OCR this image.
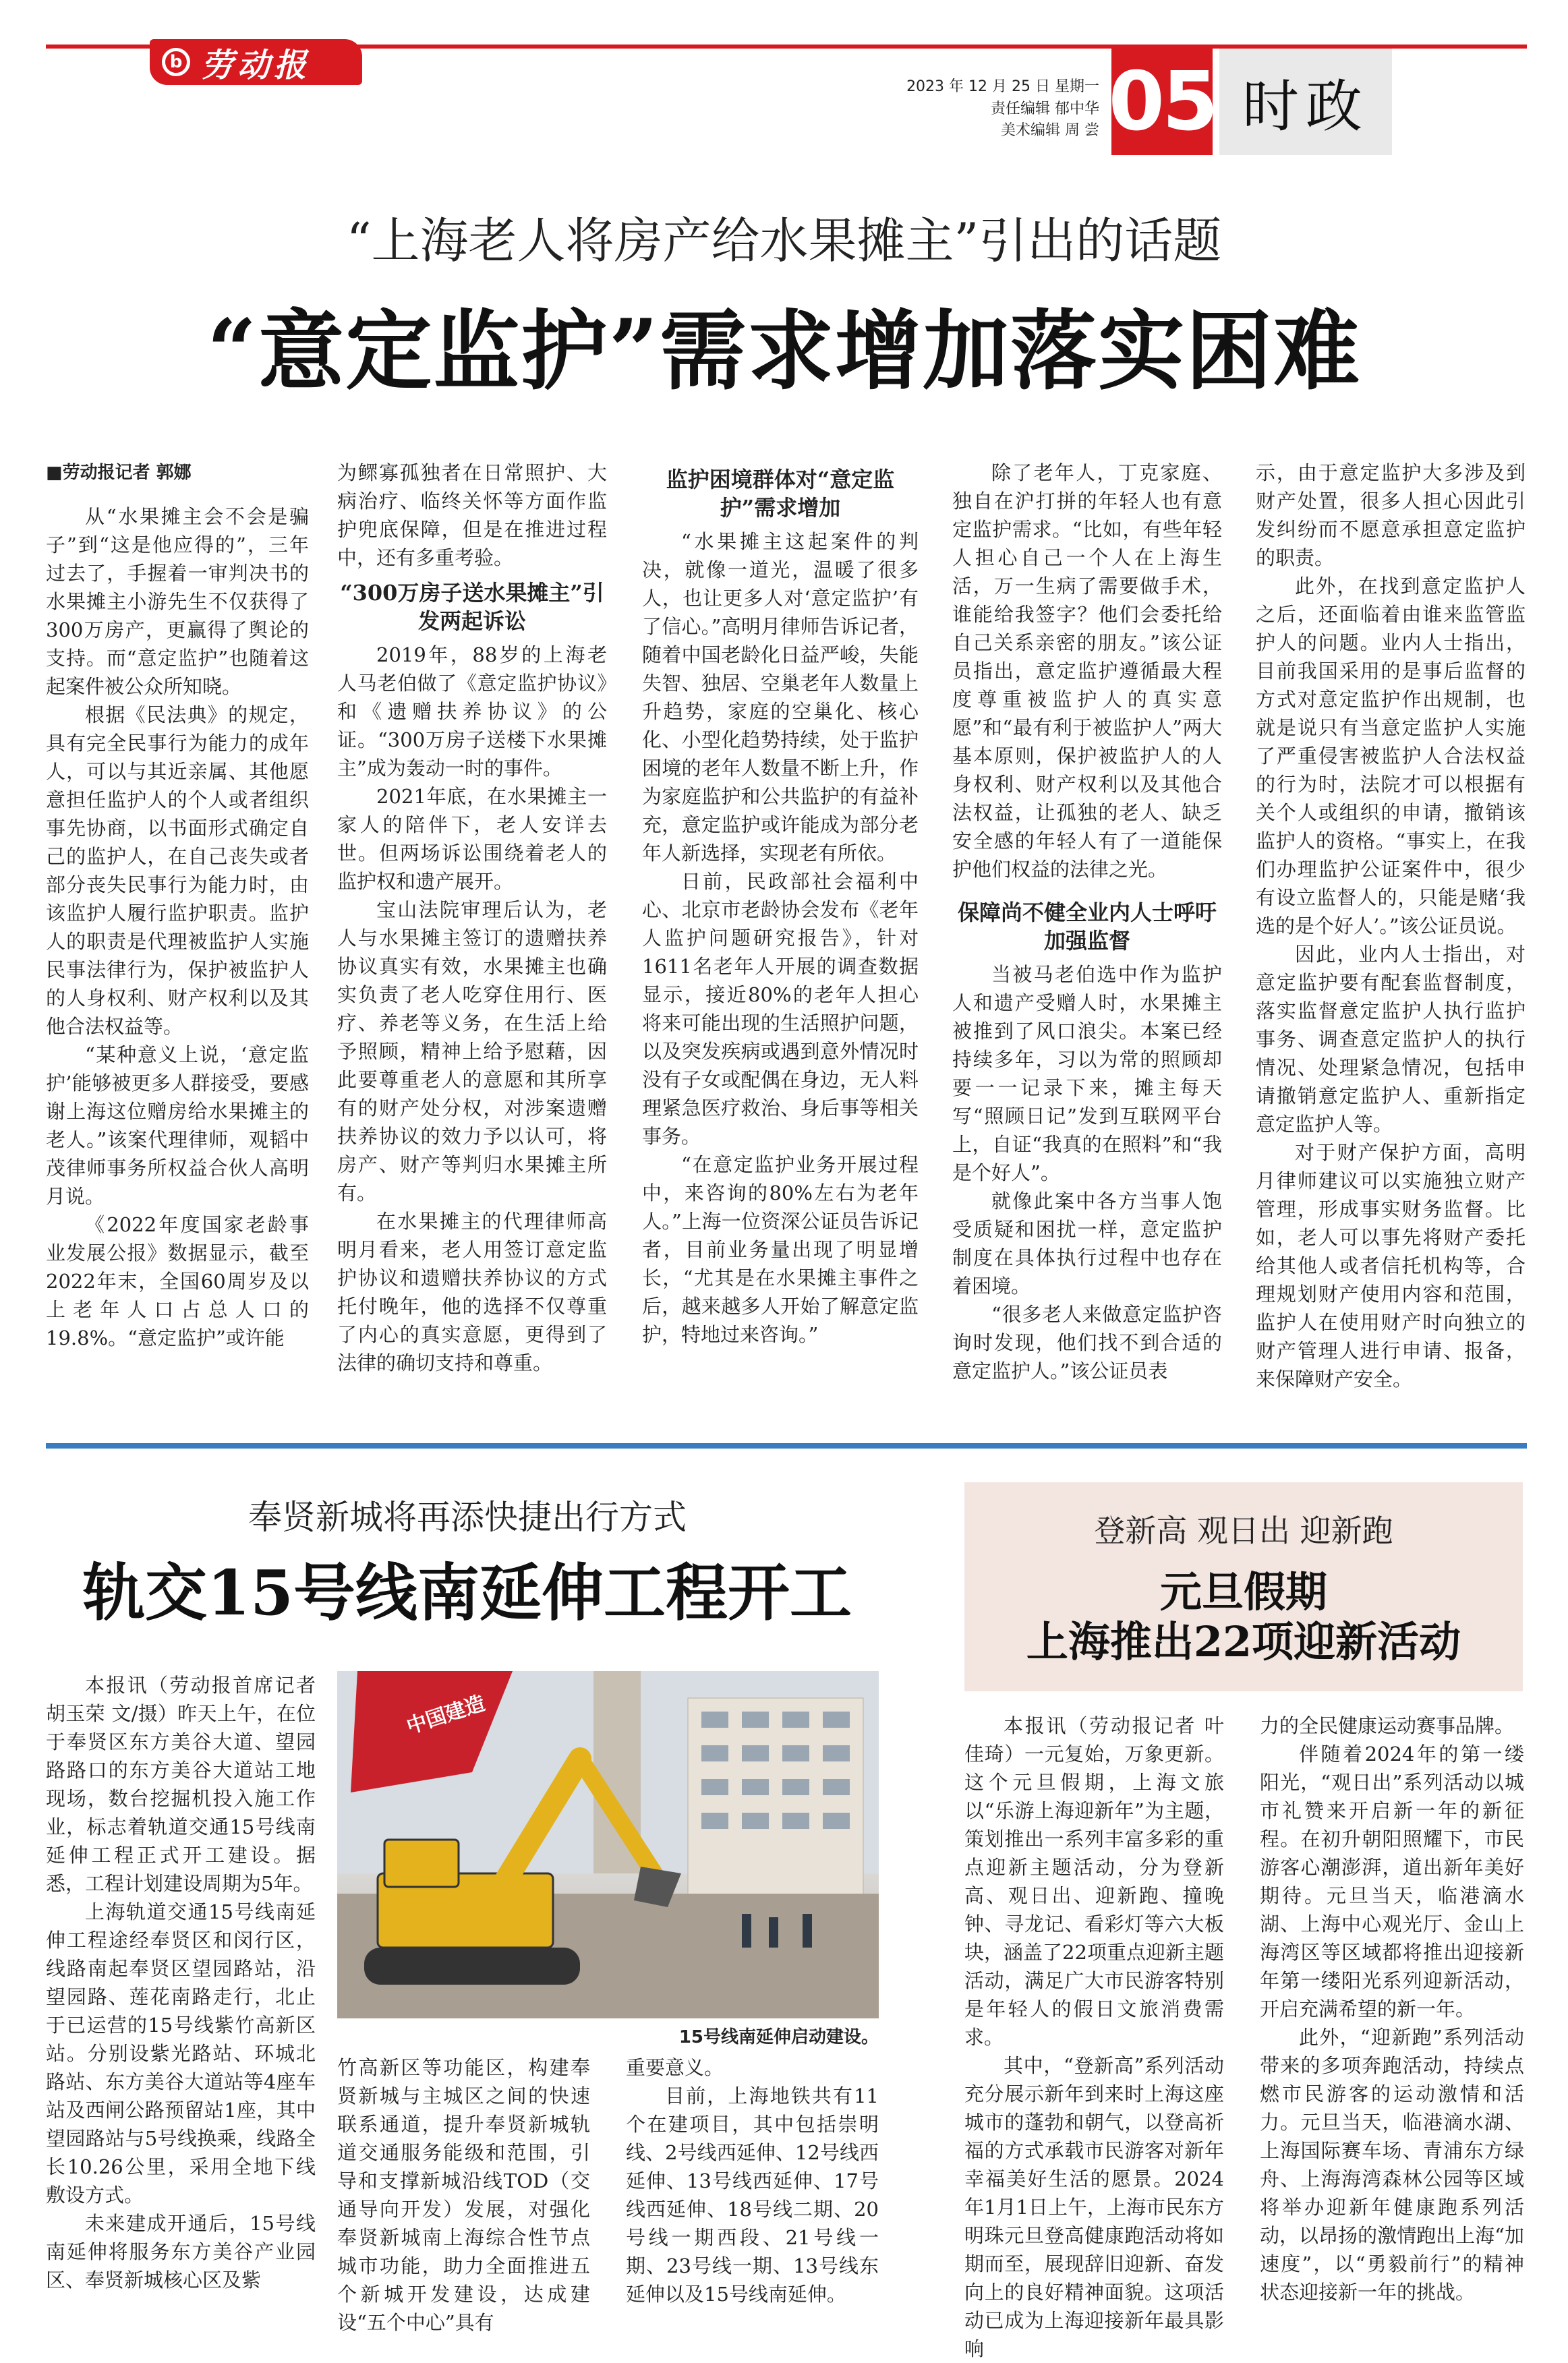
b 劳动报
2023 年 12 月 25 日 星期一
责任编辑 郁中华
美术编辑 周 尝 05 时政
“上海老人将房产给水果摊主”引出的话题
“意定监护”需求增加落实困难

■劳动报记者 郭娜

从“水果摊主会不会是骗子”到“这是他应得的”，三年过去了，手握着一审判决书的水果摊主小游先生不仅获得了300万房产，更赢得了舆论的支持。而“意定监护”也随着这起案件被公众所知晓。

根据《民法典》的规定，具有完全民事行为能力的成年人，可以与其近亲属、其他愿意担任监护人的个人或者组织事先协商，以书面形式确定自己的监护人，在自己丧失或者部分丧失民事行为能力时，由该监护人履行监护职责。监护人的职责是代理被监护人实施民事法律行为，保护被监护人的人身权利、财产权利以及其他合法权益等。

“某种意义上说，‘意定监护’能够被更多人群接受，要感谢上海这位赠房给水果摊主的老人。”该案代理律师，观韬中茂律师事务所权益合伙人高明月说。

《2022年度国家老龄事业发展公报》数据显示，截至2022年末，全国60周岁及以上老年人口占总人口的19.8%。“意定监护”或许能

为鳏寡孤独者在日常照护、大病治疗、临终关怀等方面作监护兜底保障，但是在推进过程中，还有多重考验。

“300万房子送水果摊主”引发两起诉讼

2019年，88岁的上海老人马老伯做了《意定监护协议》和《遗赠扶养协议》的公证。“300万房子送楼下水果摊主”成为轰动一时的事件。

2021年底，在水果摊主一家人的陪伴下，老人安详去世。但两场诉讼围绕着老人的监护权和遗产展开。

宝山法院审理后认为，老人与水果摊主签订的遗赠扶养协议真实有效，水果摊主也确实负责了老人吃穿住用行、医疗、养老等义务，在生活上给予照顾，精神上给予慰藉，因此要尊重老人的意愿和其所享有的财产处分权，对涉案遗赠扶养协议的效力予以认可，将房产、财产等判归水果摊主所有。

在水果摊主的代理律师高明月看来，老人用签订意定监护协议和遗赠扶养协议的方式托付晚年，他的选择不仅尊重了内心的真实意愿，更得到了法律的确切支持和尊重。

监护困境群体对“意定监护”需求增加

“水果摊主这起案件的判决，就像一道光，温暖了很多人，也让更多人对‘意定监护’有了信心。”高明月律师告诉记者，随着中国老龄化日益严峻，失能失智、独居、空巢老年人数量上升趋势，家庭的空巢化、核心化、小型化趋势持续，处于监护困境的老年人数量不断上升，作为家庭监护和公共监护的有益补充，意定监护或许能成为部分老年人新选择，实现老有所依。

日前，民政部社会福利中心、北京市老龄协会发布《老年人监护问题研究报告》，针对1611名老年人开展的调查数据显示，接近80%的老年人担心将来可能出现的生活照护问题，以及突发疾病或遇到意外情况时没有子女或配偶在身边，无人料理紧急医疗救治、身后事等相关事务。

“在意定监护业务开展过程中，来咨询的80%左右为老年人。”上海一位资深公证员告诉记者，目前业务量出现了明显增长，“尤其是在水果摊主事件之后，越来越多人开始了解意定监护，特地过来咨询。”

除了老年人，丁克家庭、独自在沪打拼的年轻人也有意定监护需求。“比如，有些年轻人担心自己一个人在上海生活，万一生病了需要做手术，谁能给我签字？他们会委托给自己关系亲密的朋友。”该公证员指出，意定监护遵循最大程度尊重被监护人的真实意愿”和“最有利于被监护人”两大基本原则，保护被监护人的人身权利、财产权利以及其他合法权益，让孤独的老人、缺乏安全感的年轻人有了一道能保护他们权益的法律之光。

保障尚不健全业内人士呼吁加强监督

当被马老伯选中作为监护人和遗产受赠人时，水果摊主被推到了风口浪尖。本案已经持续多年，习以为常的照顾却要一一记录下来，摊主每天写“照顾日记”发到互联网平台上，自证“我真的在照料”和“我是个好人”。

就像此案中各方当事人饱受质疑和困扰一样，意定监护制度在具体执行过程中也存在着困境。

“很多老人来做意定监护咨询时发现，他们找不到合适的意定监护人。”该公证员表

示，由于意定监护大多涉及到财产处置，很多人担心因此引发纠纷而不愿意承担意定监护的职责。

此外，在找到意定监护人之后，还面临着由谁来监管监护人的问题。业内人士指出，目前我国采用的是事后监督的方式对意定监护作出规制，也就是说只有当意定监护人实施了严重侵害被监护人合法权益的行为时，法院才可以根据有关个人或组织的申请，撤销该监护人的资格。“事实上，在我们办理监护公证案件中，很少有设立监督人的，只能是赌‘我选的是个好人’。”该公证员说。

因此，业内人士指出，对意定监护要有配套监督制度，落实监督意定监护人执行监护事务、调查意定监护人的执行情况、处理紧急情况，包括申请撤销意定监护人、重新指定意定监护人等。

对于财产保护方面，高明月律师建议可以实施独立财产管理，形成事实财务监督。比如，老人可以事先将财产委托给其他人或者信托机构等，合理规划财产使用内容和范围，监护人在使用财产时向独立的财产管理人进行申请、报备，来保障财产安全。

奉贤新城将再添快捷出行方式
轨交15号线南延伸工程开工

本报讯（劳动报首席记者胡玉荣 文/摄）昨天上午，在位于奉贤区东方美谷大道、望园路路口的东方美谷大道站工地现场，数台挖掘机投入施工作业，标志着轨道交通15号线南延伸工程正式开工建设。据悉，工程计划建设周期为5年。

上海轨道交通15号线南延伸工程途经奉贤区和闵行区，线路南起奉贤区望园路站，沿望园路、莲花南路走行，北止于已运营的15号线紫竹高新区站。分别设紫光路站、环城北路站、东方美谷大道站等4座车站及西闸公路预留站1座，其中望园路站与5号线换乘，线路全长10.26公里，采用全地下线敷设方式。

未来建成开通后，15号线南延伸将服务东方美谷产业园区、奉贤新城核心区及紫

中国建造
15号线南延伸启动建设。

竹高新区等功能区，构建奉贤新城与主城区之间的快速联系通道，提升奉贤新城轨道交通服务能级和范围，引导和支撑新城沿线TOD（交通导向开发）发展，对强化奉贤新城南上海综合性节点城市功能，助力全面推进五个新城开发建设，达成建设“五个中心”具有

重要意义。

目前，上海地铁共有11个在建项目，其中包括崇明线、2号线西延伸、12号线西延伸、13号线西延伸、17号线西延伸、18号线二期、20号线一期西段、21号线一期、23号线一期、13号线东延伸以及15号线南延伸。

登新高 观日出 迎新跑
元旦假期
上海推出22项迎新活动

本报讯（劳动报记者 叶佳琦）一元复始，万象更新。这个元旦假期，上海文旅以“乐游上海迎新年”为主题，策划推出一系列丰富多彩的重点迎新主题活动，分为登新高、观日出、迎新跑、撞晚钟、寻龙记、看彩灯等六大板块，涵盖了22项重点迎新主题活动，满足广大市民游客特别是年轻人的假日文旅消费需求。

其中，“登新高”系列活动充分展示新年到来时上海这座城市的蓬勃和朝气，以登高祈福的方式承载市民游客对新年幸福美好生活的愿景。2024年1月1日上午，上海市民东方明珠元旦登高健康跑活动将如期而至，展现辞旧迎新、奋发向上的良好精神面貌。这项活动已成为上海迎接新年最具影响

力的全民健康运动赛事品牌。

伴随着2024年的第一缕阳光，“观日出”系列活动以城市礼赞来开启新一年的新征程。在初升朝阳照耀下，市民游客心潮澎湃，道出新年美好期待。元旦当天，临港滴水湖、上海中心观光厅、金山上海湾区等区域都将推出迎接新年第一缕阳光系列迎新活动，开启充满希望的新一年。

此外，“迎新跑”系列活动带来的多项奔跑活动，持续点燃市民游客的运动激情和活力。元旦当天，临港滴水湖、上海国际赛车场、青浦东方绿舟、上海海湾森林公园等区域将举办迎新年健康跑系列活动，以昂扬的激情跑出上海“加速度”，以“勇毅前行”的精神状态迎接新一年的挑战。
